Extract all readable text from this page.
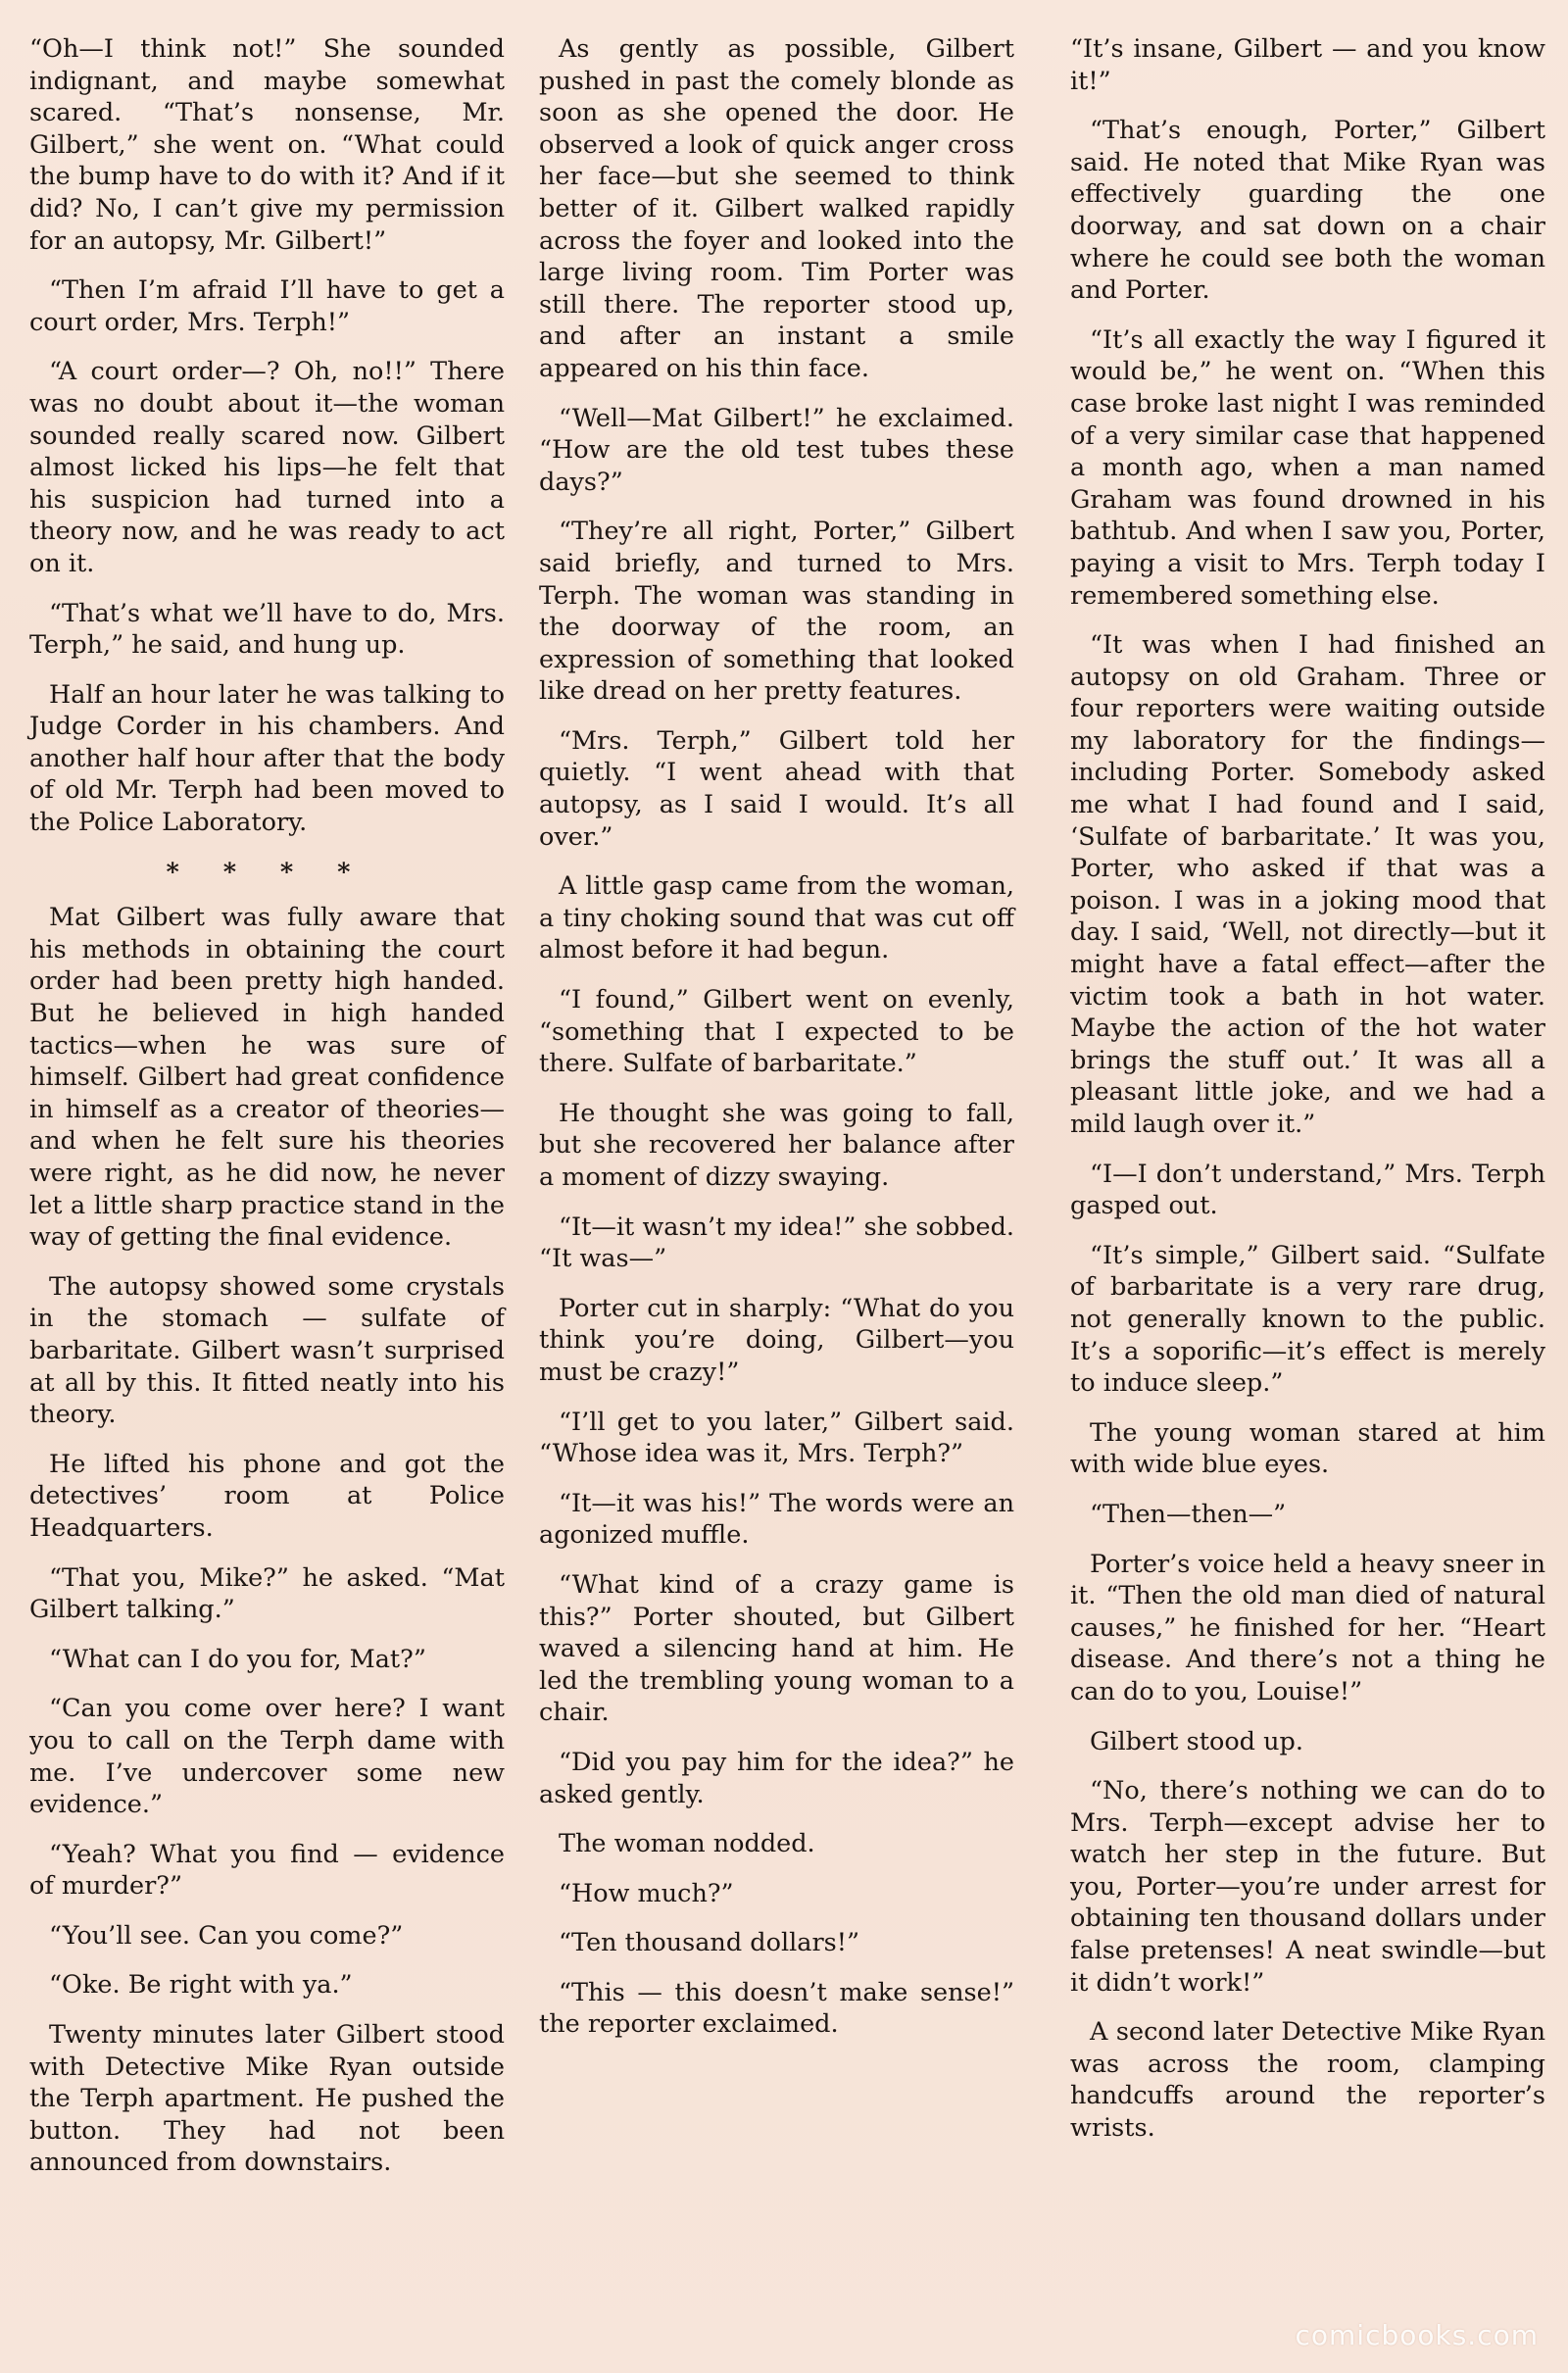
“Oh—I think not!” She sounded indignant, and maybe somewhat scared. “That’s nonsense, Mr. Gilbert,” she went on. “What could the bump have to do with it? And if it did? No, I can’t give my permission for an autopsy, Mr. Gilbert!”

“Then I’m afraid I’ll have to get a court order, Mrs. Terph!”

“A court order—? Oh, no!!” There was no doubt about it—the woman sounded really scared now. Gilbert almost licked his lips—he felt that his suspicion had turned into a theory now, and he was ready to act on it.

“That’s what we’ll have to do, Mrs. Terph,” he said, and hung up.

Half an hour later he was talking to Judge Corder in his chambers. And another half hour after that the body of old Mr. Terph had been moved to the Police Laboratory.

* * * *

Mat Gilbert was fully aware that his methods in obtaining the court order had been pretty high handed. But he believed in high handed tactics—when he was sure of himself. Gilbert had great confidence in himself as a creator of theories—and when he felt sure his theories were right, as he did now, he never let a little sharp practice stand in the way of getting the final evidence.

The autopsy showed some crystals in the stomach — sulfate of barbaritate. Gilbert wasn’t surprised at all by this. It fitted neatly into his theory.

He lifted his phone and got the detectives’ room at Police Headquarters.

“That you, Mike?” he asked. “Mat Gilbert talking.”

“What can I do you for, Mat?”

“Can you come over here? I want you to call on the Terph dame with me. I’ve undercover some new evidence.”

“Yeah? What you find — evidence of murder?”

“You’ll see. Can you come?”

“Oke. Be right with ya.”

Twenty minutes later Gilbert stood with Detective Mike Ryan outside the Terph apartment. He pushed the button. They had not been announced from downstairs.

As gently as possible, Gilbert pushed in past the comely blonde as soon as she opened the door. He observed a look of quick anger cross her face—but she seemed to think better of it. Gilbert walked rapidly across the foyer and looked into the large living room. Tim Porter was still there. The reporter stood up, and after an instant a smile appeared on his thin face.

“Well—Mat Gilbert!” he exclaimed. “How are the old test tubes these days?”

“They’re all right, Porter,” Gilbert said briefly, and turned to Mrs. Terph. The woman was standing in the doorway of the room, an expression of something that looked like dread on her pretty features.

“Mrs. Terph,” Gilbert told her quietly. “I went ahead with that autopsy, as I said I would. It’s all over.”

A little gasp came from the woman, a tiny choking sound that was cut off almost before it had begun.

“I found,” Gilbert went on evenly, “something that I expected to be there. Sulfate of barbaritate.”

He thought she was going to fall, but she recovered her balance after a moment of dizzy swaying.

“It—it wasn’t my idea!” she sobbed. “It was—”

Porter cut in sharply: “What do you think you’re doing, Gilbert—you must be crazy!”

“I’ll get to you later,” Gilbert said. “Whose idea was it, Mrs. Terph?”

“It—it was his!” The words were an agonized muffle.

“What kind of a crazy game is this?” Porter shouted, but Gilbert waved a silencing hand at him. He led the trembling young woman to a chair.

“Did you pay him for the idea?” he asked gently.

The woman nodded.

“How much?”

“Ten thousand dollars!”

“This — this doesn’t make sense!” the reporter exclaimed.

“It’s insane, Gilbert — and you know it!”

“That’s enough, Porter,” Gilbert said. He noted that Mike Ryan was effectively guarding the one doorway, and sat down on a chair where he could see both the woman and Porter.

“It’s all exactly the way I figured it would be,” he went on. “When this case broke last night I was reminded of a very similar case that happened a month ago, when a man named Graham was found drowned in his bathtub. And when I saw you, Porter, paying a visit to Mrs. Terph today I remembered something else.

“It was when I had finished an autopsy on old Graham. Three or four reporters were waiting outside my laboratory for the findings—including Porter. Somebody asked me what I had found and I said, ‘Sulfate of barbaritate.’ It was you, Porter, who asked if that was a poison. I was in a joking mood that day. I said, ‘Well, not directly—but it might have a fatal effect—after the victim took a bath in hot water. Maybe the action of the hot water brings the stuff out.’ It was all a pleasant little joke, and we had a mild laugh over it.”

“I—I don’t understand,” Mrs. Terph gasped out.

“It’s simple,” Gilbert said. “Sulfate of barbaritate is a very rare drug, not generally known to the public. It’s a soporific—it’s effect is merely to induce sleep.”

The young woman stared at him with wide blue eyes.

“Then—then—”

Porter’s voice held a heavy sneer in it. “Then the old man died of natural causes,” he finished for her. “Heart disease. And there’s not a thing he can do to you, Louise!”

Gilbert stood up.

“No, there’s nothing we can do to Mrs. Terph—except advise her to watch her step in the future. But you, Porter—you’re under arrest for obtaining ten thousand dollars under false pretenses! A neat swindle—but it didn’t work!”

A second later Detective Mike Ryan was across the room, clamping handcuffs around the reporter’s wrists.

comicbooks.com
